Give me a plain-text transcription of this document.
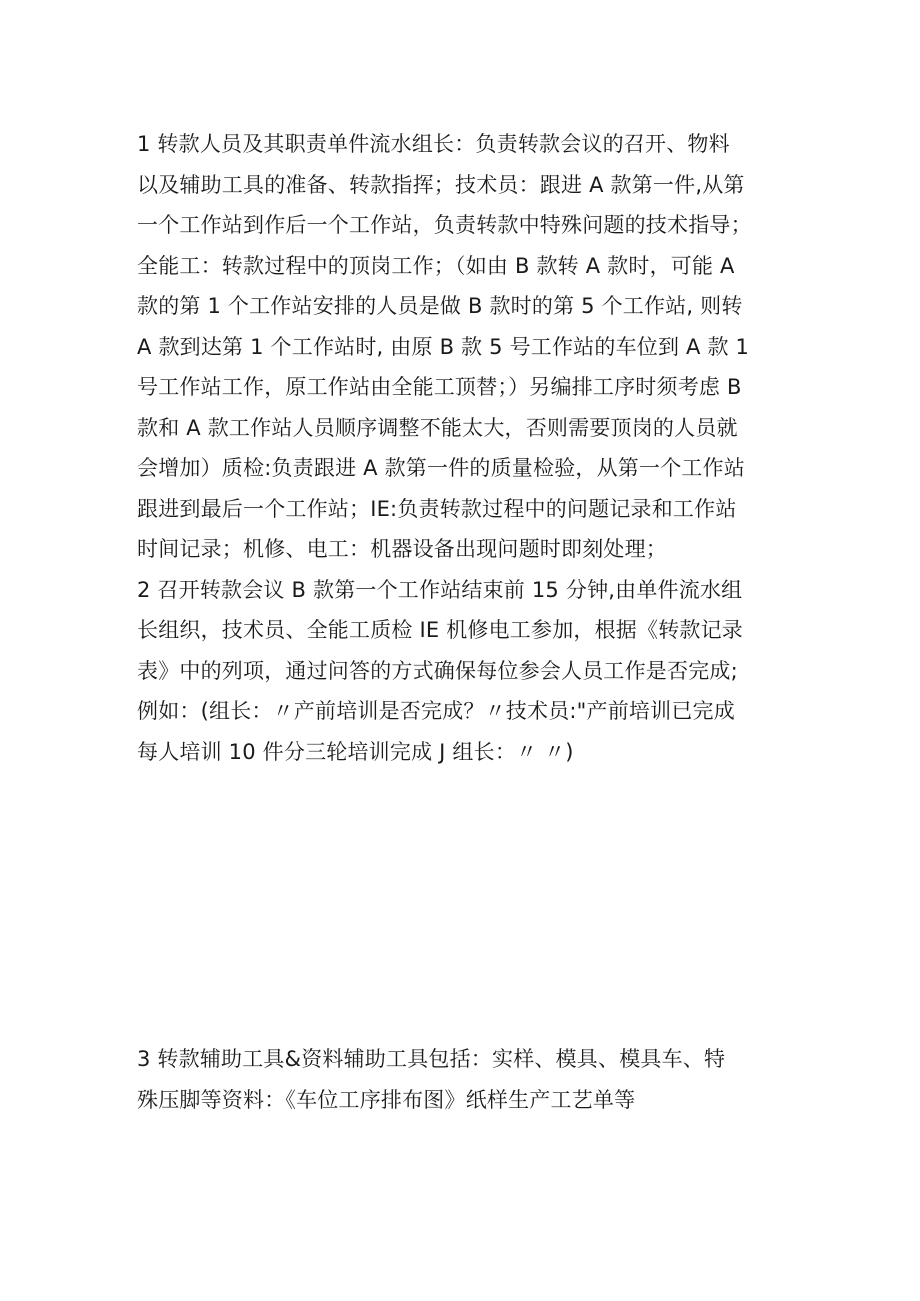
1 转款人员及其职责单件流水组长：负责转款会议的召开、物料
以及辅助工具的准备、转款指挥；技术员：跟进 A 款第一件,从第
一个工作站到作后一个工作站，负责转款中特殊问题的技术指导；
全能工：转款过程中的顶岗工作；（如由 B 款转 A 款时，可能 A
款的第 1 个工作站安排的人员是做 B 款时的第 5 个工作站, 则转
A 款到达第 1 个工作站时, 由原 B 款 5 号工作站的车位到 A 款 1
号工作站工作，原工作站由全能工顶替；）另编排工序时须考虑 B
款和 A 款工作站人员顺序调整不能太大，否则需要顶岗的人员就
会增加）质检:负责跟进 A 款第一件的质量检验，从第一个工作站
跟进到最后一个工作站；IE:负责转款过程中的问题记录和工作站
时间记录；机修、电工：机器设备出现问题时即刻处理；
2 召开转款会议 B 款第一个工作站结束前 15 分钟,由单件流水组
长组织，技术员、全能工质检 IE 机修电工参加，根据《转款记录
表》中的列项，通过问答的方式确保每位参会人员工作是否完成;
例如：(组长：〃产前培训是否完成？〃技术员:"产前培训已完成
每人培训 10 件分三轮培训完成 J 组长：〃 〃)
3 转款辅助工具&资料辅助工具包括：实样、模具、模具车、特
殊压脚等资料：《车位工序排布图》纸样生产工艺单等
